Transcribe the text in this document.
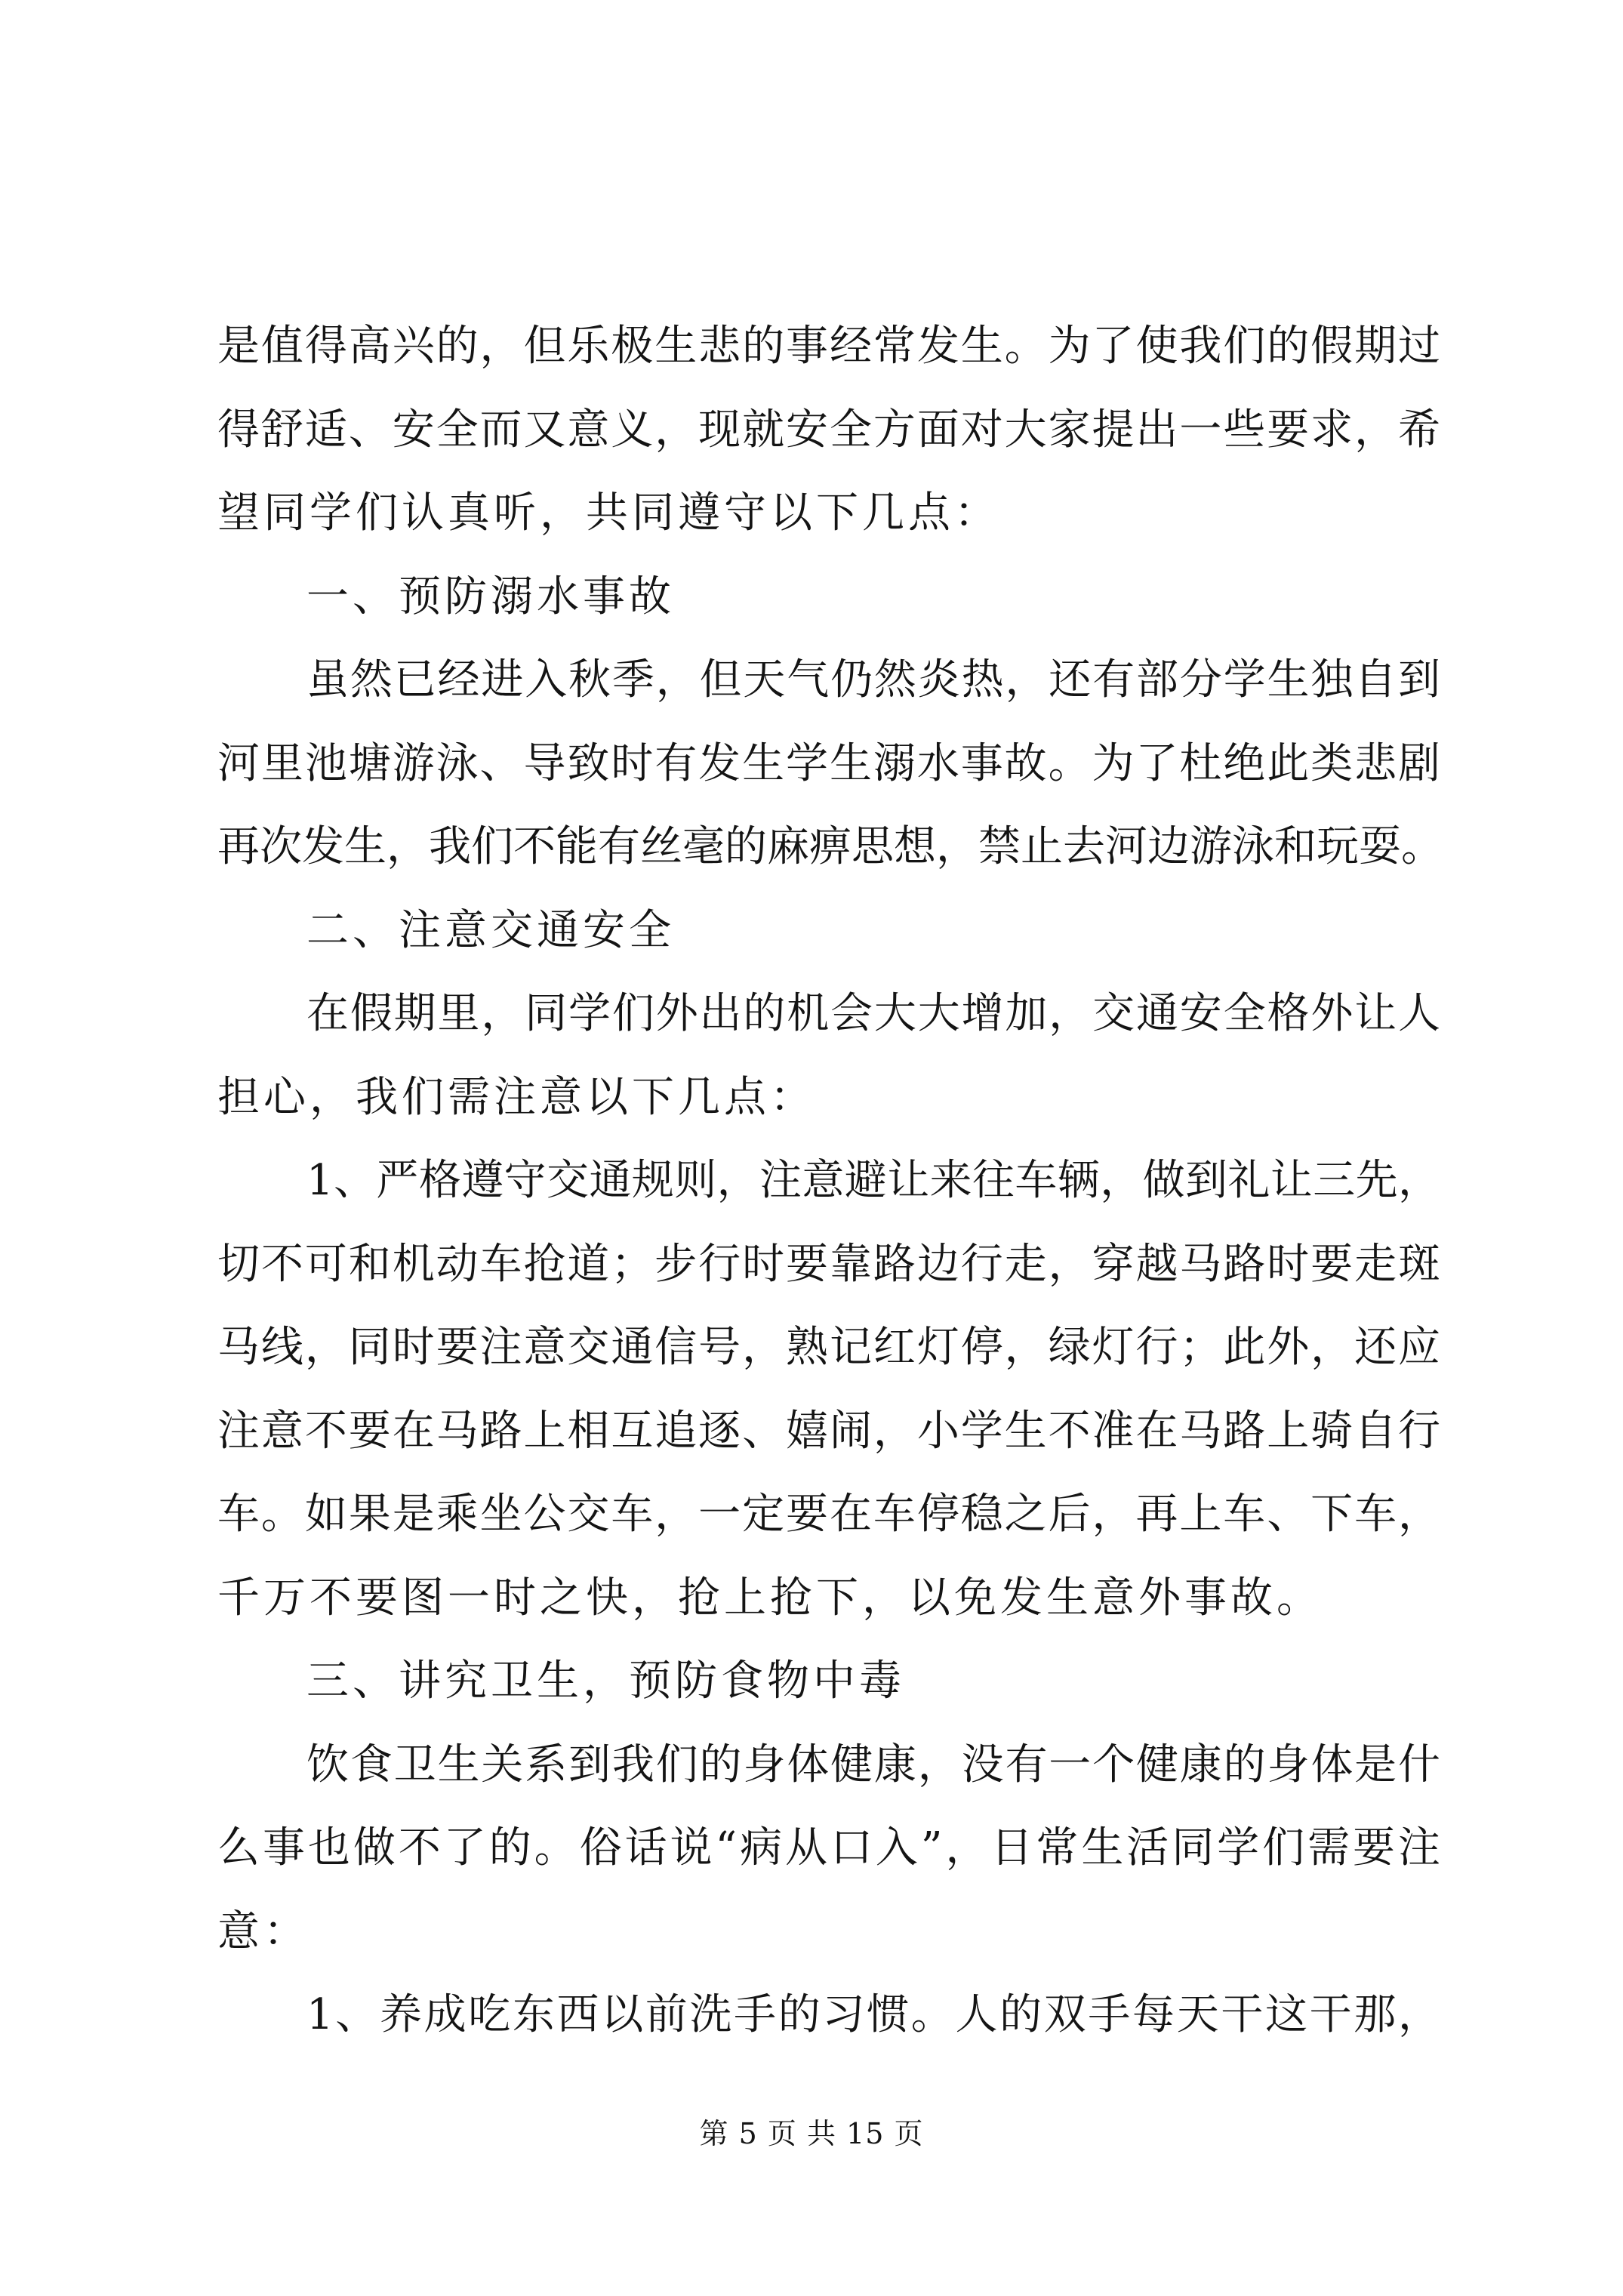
是值得高兴的，但乐极生悲的事经常发生。为了使我们的假期过
得舒适、安全而又意义，现就安全方面对大家提出一些要求，希
望同学们认真听，共同遵守以下几点：
一、预防溺水事故
虽然已经进入秋季，但天气仍然炎热，还有部分学生独自到
河里池塘游泳、导致时有发生学生溺水事故。为了杜绝此类悲剧
再次发生，我们不能有丝毫的麻痹思想，禁止去河边游泳和玩耍。
二、注意交通安全
在假期里，同学们外出的机会大大增加，交通安全格外让人
担心，我们需注意以下几点：
1、严格遵守交通规则，注意避让来往车辆，做到礼让三先，
切不可和机动车抢道；步行时要靠路边行走，穿越马路时要走斑
马线，同时要注意交通信号，熟记红灯停，绿灯行；此外，还应
注意不要在马路上相互追逐、嬉闹，小学生不准在马路上骑自行
车。如果是乘坐公交车，一定要在车停稳之后，再上车、下车，
千万不要图一时之快，抢上抢下，以免发生意外事故。
三、讲究卫生，预防食物中毒
饮食卫生关系到我们的身体健康，没有一个健康的身体是什
么事也做不了的。俗话说“病从口入”，日常生活同学们需要注
意：
1、养成吃东西以前洗手的习惯。人的双手每天干这干那，
第 5 页 共 15 页
